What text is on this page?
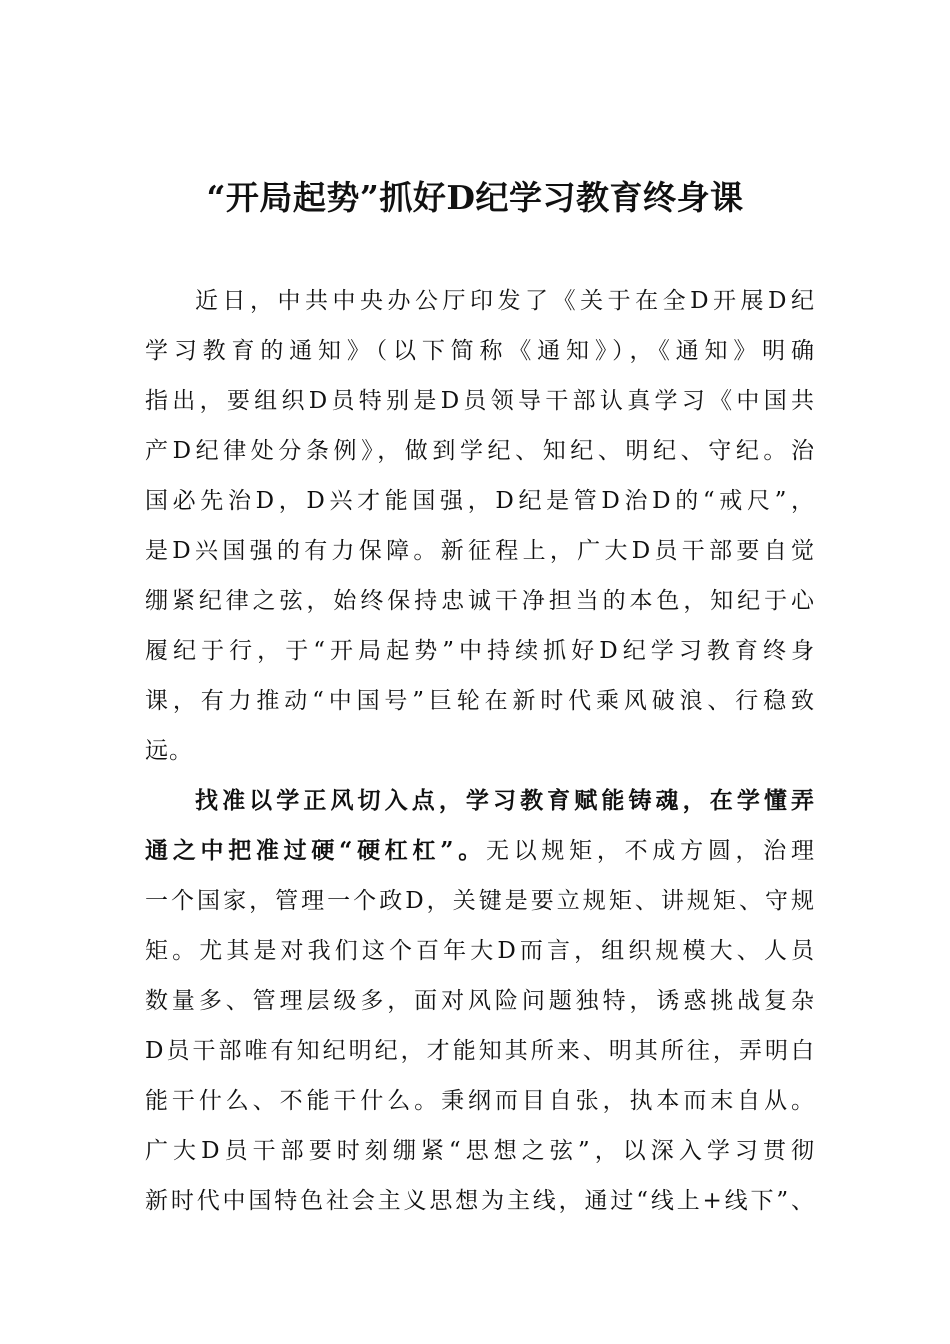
“开局起势”抓好D纪学习教育终身课
近日，中共中央办公厅印发了《关于在全D开展D纪
学习教育的通知》（以下简称《通知》），《通知》明确
指出，要组织D员特别是D员领导干部认真学习《中国共
产D纪律处分条例》，做到学纪、知纪、明纪、守纪。治
国必先治D，D兴才能国强，D纪是管D治D的“戒尺”，
是D兴国强的有力保障。新征程上，广大D员干部要自觉
绷紧纪律之弦，始终保持忠诚干净担当的本色，知纪于心
履纪于行，于“开局起势”中持续抓好D纪学习教育终身
课，有力推动“中国号”巨轮在新时代乘风破浪、行稳致
远。
找准以学正风切入点，学习教育赋能铸魂，在学懂弄
通之中把准过硬“硬杠杠”。无以规矩，不成方圆，治理
一个国家，管理一个政D，关键是要立规矩、讲规矩、守规
矩。尤其是对我们这个百年大D而言，组织规模大、人员
数量多、管理层级多，面对风险问题独特，诱惑挑战复杂
D员干部唯有知纪明纪，才能知其所来、明其所往，弄明白
能干什么、不能干什么。秉纲而目自张，执本而末自从。
广大D员干部要时刻绷紧“思想之弦”，以深入学习贯彻
新时代中国特色社会主义思想为主线，通过“线上+线下”、
